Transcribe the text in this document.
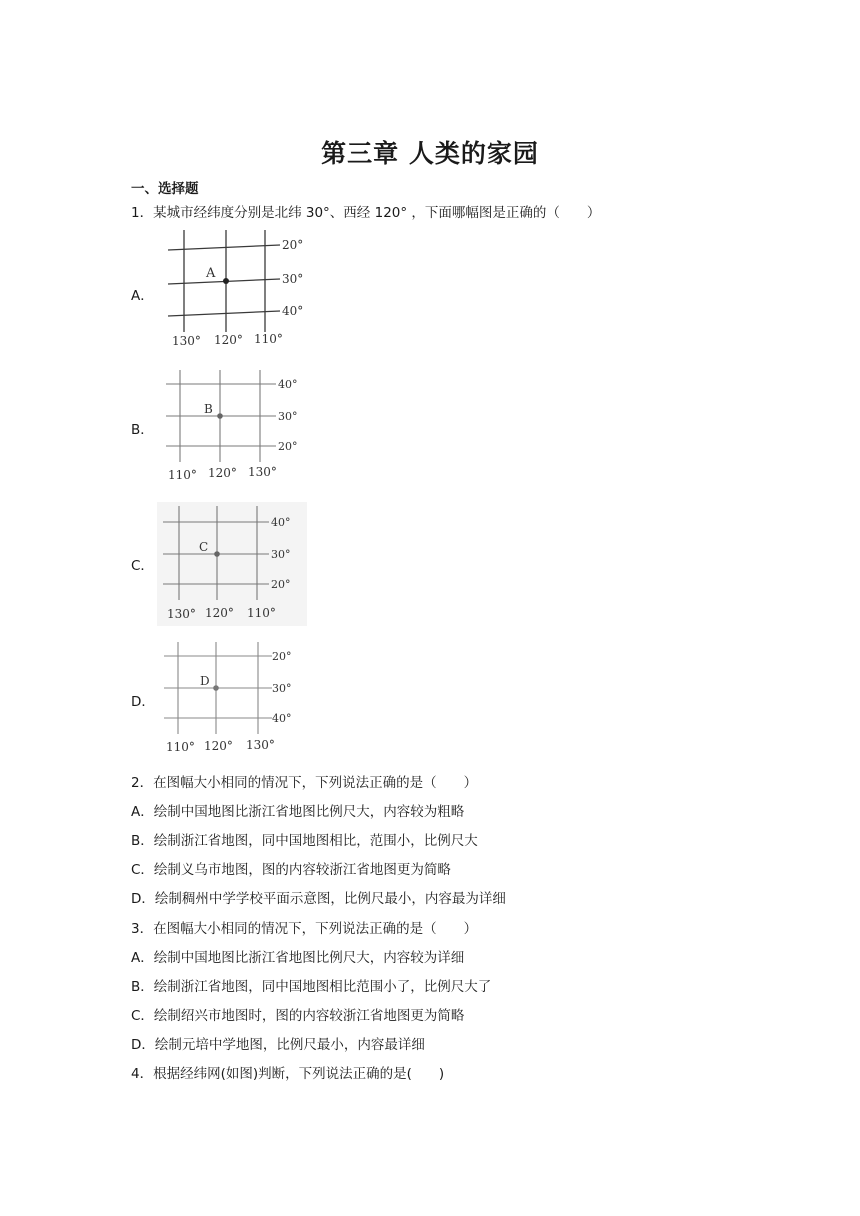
第三章 人类的家园
一、选择题
1．某城市经纬度分别是北纬 30°、西经 120° ，下面哪幅图是正确的（　　）
A．
A
20°
30°
40°
130° 120° 110°
B．
B
40°
30°
20°
110° 120° 130°
C．
C
40°
30°
20°
130° 120° 110°
D．
D
20°
30°
40°
110° 120° 130°
2．在图幅大小相同的情况下，下列说法正确的是（　　）
A．绘制中国地图比浙江省地图比例尺大，内容较为粗略
B．绘制浙江省地图，同中国地图相比，范围小，比例尺大
C．绘制义乌市地图，图的内容较浙江省地图更为简略
D．绘制稠州中学学校平面示意图，比例尺最小，内容最为详细
3．在图幅大小相同的情况下，下列说法正确的是（　　）
A．绘制中国地图比浙江省地图比例尺大，内容较为详细
B．绘制浙江省地图，同中国地图相比范围小了，比例尺大了
C．绘制绍兴市地图时，图的内容较浙江省地图更为简略
D．绘制元培中学地图，比例尺最小，内容最详细
4．根据经纬网(如图)判断，下列说法正确的是(　　)
